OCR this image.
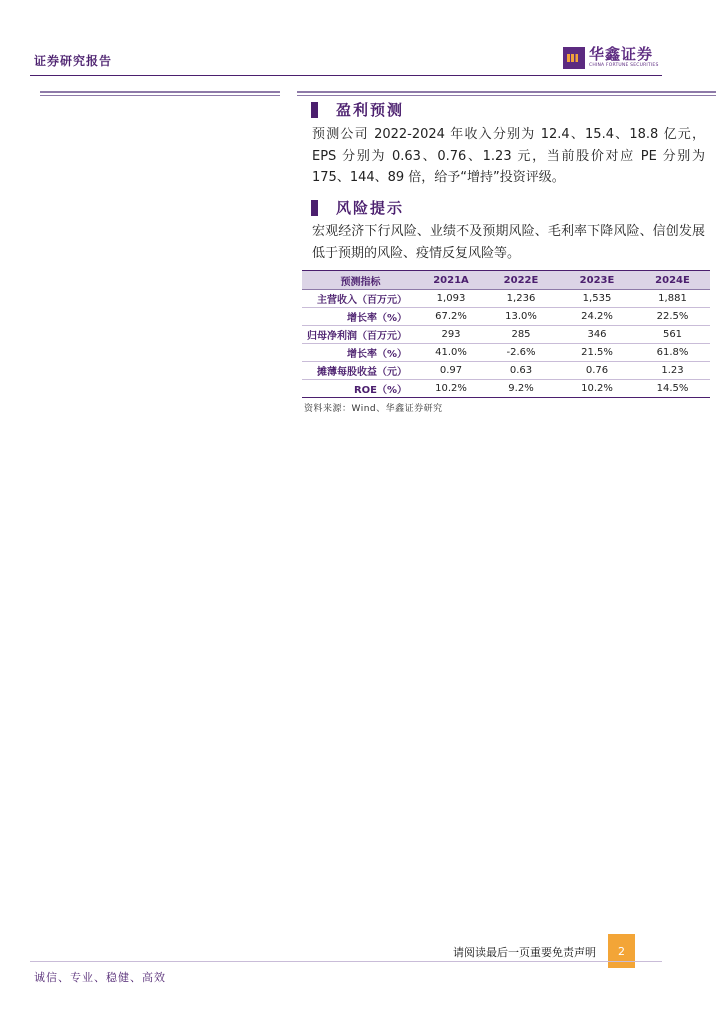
证券研究报告	华鑫证券
CHINA FORTUNE SECURITIES
盈利预测

预测公司 2022-2024 年收入分别为 12.4、15.4、18.8 亿元，EPS 分别为 0.63、0.76、1.23 元，当前股价对应 PE 分别为 175、144、89 倍，给予“增持”投资评级。

风险提示

宏观经济下行风险、业绩不及预期风险、毛利率下降风险、信创发展低于预期的风险、疫情反复风险等。

预测指标	2021A	2022E	2023E	2024E
主营收入（百万元）	1,093	1,236	1,535	1,881
增长率（%）	67.2%	13.0%	24.2%	22.5%
归母净利润（百万元）	293	285	346	561
增长率（%）	41.0%	-2.6%	21.5%	61.8%
摊薄每股收益（元）	0.97	0.63	0.76	1.23
ROE（%）	10.2%	9.2%	10.2%	14.5%
资料来源：Wind、华鑫证券研究
请阅读最后一页重要免责声明	2
诚信、专业、稳健、高效
